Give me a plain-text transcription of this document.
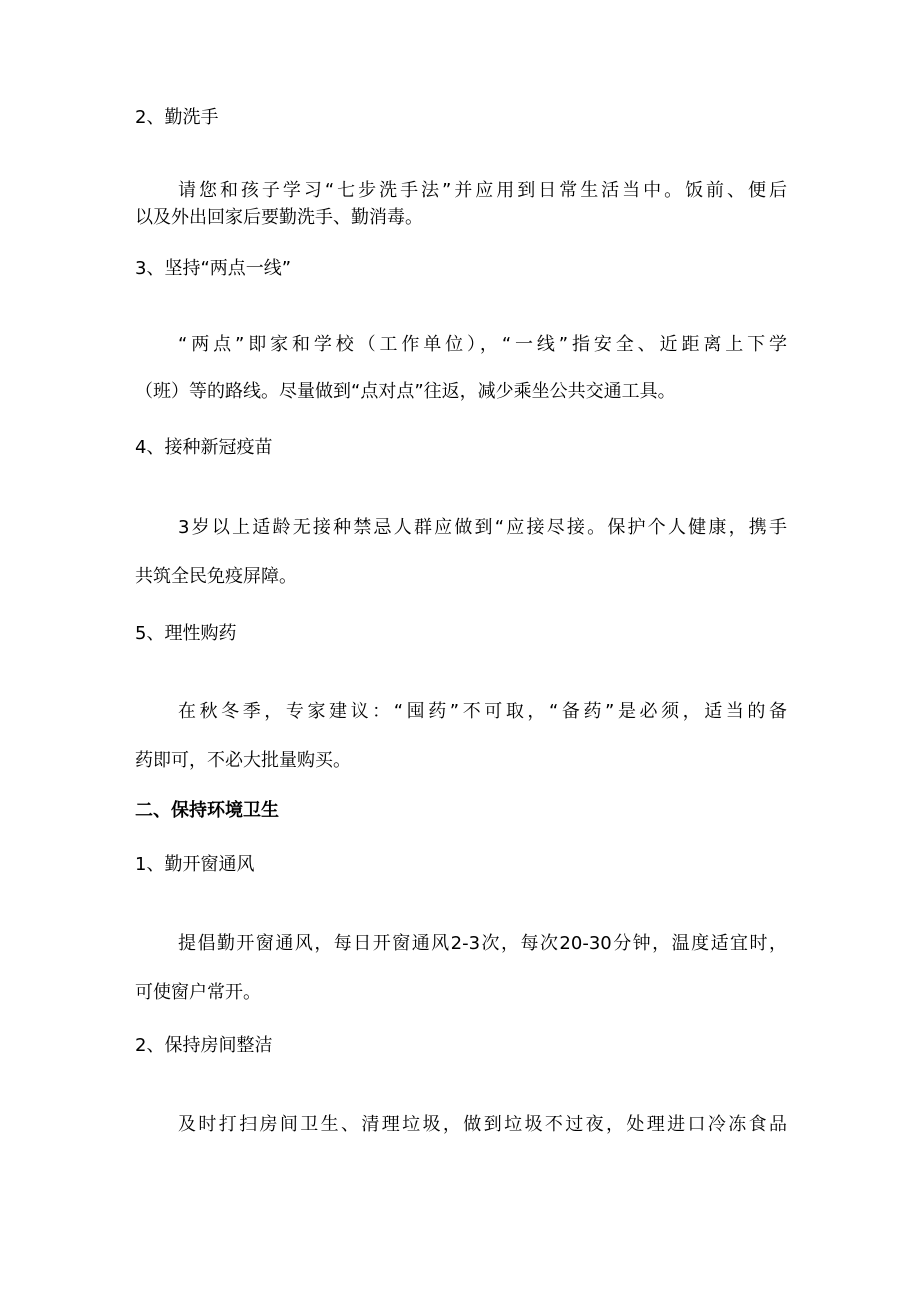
2、勤洗手

请您和孩子学习“七步洗手法”并应用到日常生活当中。饭前、便后

以及外出回家后要勤洗手、勤消毒。

3、坚持“两点一线”

“两点”即家和学校（工作单位），“一线”指安全、近距离上下学

（班）等的路线。尽量做到“点对点”往返，减少乘坐公共交通工具。

4、接种新冠疫苗

3岁以上适龄无接种禁忌人群应做到“应接尽接。保护个人健康，携手

共筑全民免疫屏障。

5、理性购药

在秋冬季，专家建议：“囤药”不可取，“备药”是必须，适当的备

药即可，不必大批量购买。

二、保持环境卫生

1、勤开窗通风

提倡勤开窗通风，每日开窗通风2-3次，每次20-30分钟，温度适宜时，

可使窗户常开。

2、保持房间整洁

及时打扫房间卫生、清理垃圾，做到垃圾不过夜，处理进口冷冻食品
